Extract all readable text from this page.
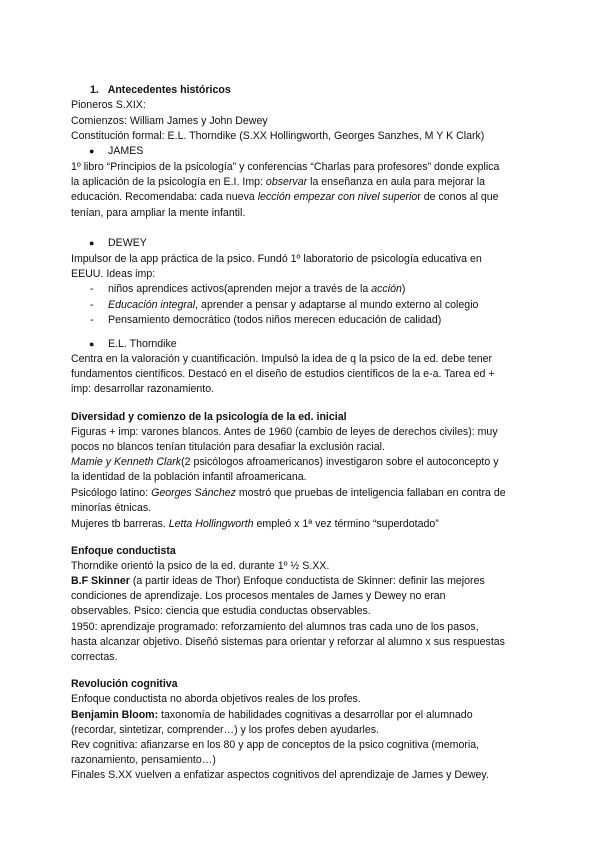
1. Antecedentes históricos
Pioneros S.XIX:
Comienzos: William James y John Dewey
Constitución formal: E.L. Thorndike (S.XX Hollingworth, Georges Sanzhes, M Y K Clark)
● JAMES
1º libro “Principios de la psicología” y conferencias “Charlas para profesores” donde explica
la aplicación de la psicología en E.I. Imp: observar la enseñanza en aula para mejorar la
educación. Recomendaba: cada nueva lección empezar con nivel superior de conos al que
tenían, para ampliar la mente infantil.
● DEWEY
Impulsor de la app práctica de la psico. Fundó 1º laboratorio de psicología educativa en
EEUU. Ideas imp:
- niños aprendices activos(aprenden mejor a través de la acción)
- Educación integral, aprender a pensar y adaptarse al mundo externo al colegio
- Pensamiento democrático (todos niños merecen educación de calidad)
● E.L. Thorndike
Centra en la valoración y cuantificación. Impulsó la idea de q la psico de la ed. debe tener
fundamentos científicos. Destacó en el diseño de estudios científicos de la e-a. Tarea ed +
imp: desarrollar razonamiento.
Diversidad y comienzo de la psicología de la ed. inicial
Figuras + imp: varones blancos. Antes de 1960 (cambio de leyes de derechos civiles): muy
pocos no blancos tenían titulación para desafiar la exclusión racial.
Mamie y Kenneth Clark(2 psicólogos afroamericanos) investigaron sobre el autoconcepto y
la identidad de la población infantil afroamericana.
Psicólogo latino: Georges Sánchez mostró que pruebas de inteligencia fallaban en contra de
minorías étnicas.
Mujeres tb barreras. Letta Hollingworth empleó x 1ª vez término “superdotado”
Enfoque conductista
Thorndike orientó la psico de la ed. durante 1º ½ S.XX.
B.F Skinner (a partir ideas de Thor) Enfoque conductista de Skinner: definir las mejores
condiciones de aprendizaje. Los procesos mentales de James y Dewey no eran
observables. Psico: ciencia que estudia conductas observables.
1950: aprendizaje programado: reforzamiento del alumnos tras cada uno de los pasos,
hasta alcanzar objetivo. Diseñó sistemas para orientar y reforzar al alumno x sus respuestas
correctas.
Revolución cognitiva
Enfoque conductista no aborda objetivos reales de los profes.
Benjamin Bloom: taxonomía de habilidades cognitivas a desarrollar por el alumnado
(recordar, sintetizar, comprender…) y los profes deben ayudarles.
Rev cognitiva: afianzarse en los 80 y app de conceptos de la psico cognitiva (memoria,
razonamiento, pensamiento…)
Finales S.XX vuelven a enfatizar aspectos cognitivos del aprendizaje de James y Dewey.
